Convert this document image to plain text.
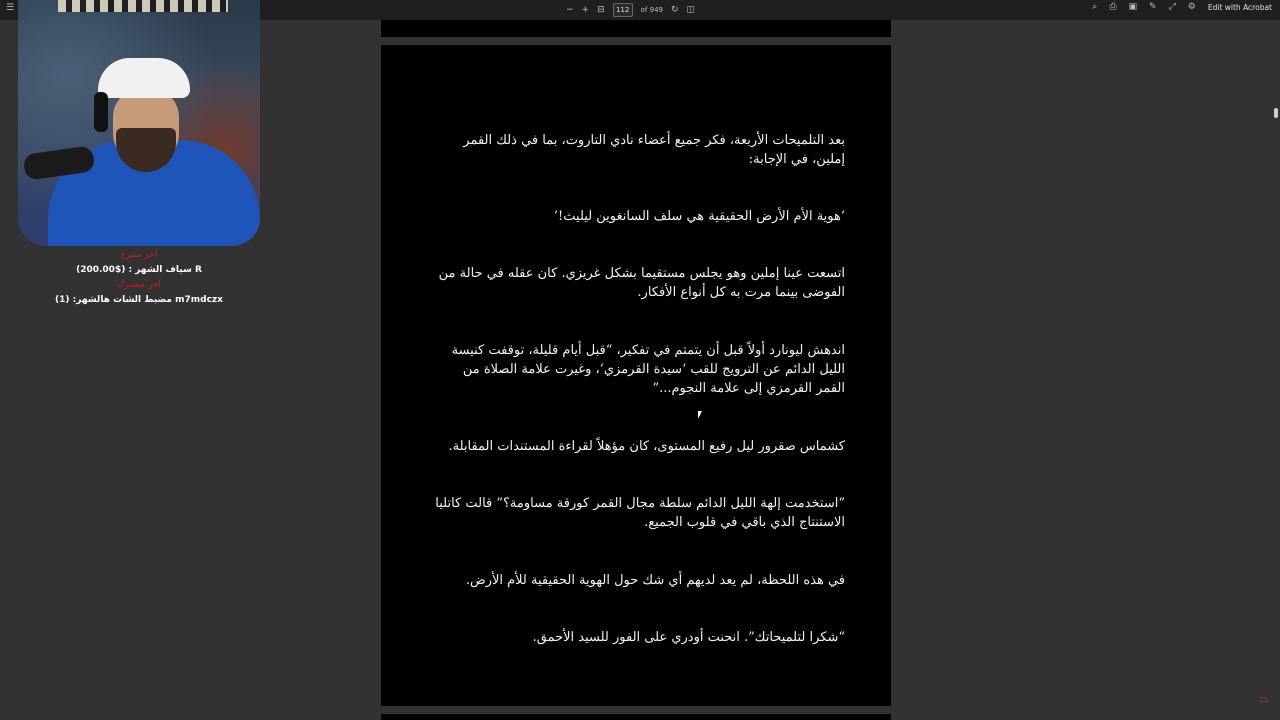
☰	− + ⊟	112	of 949 ↻ ◫	⌕ ⎙ ▣ ✎ ⤢ ⚙ Edit with Acrobat
بعد التلميحات الأربعة، فكر جميع أعضاء نادي التاروت، بما في ذلك القمر إملين، في الإجابة:
‘هوية الأم الأرض الحقيقية هي سلف السانغوين ليليث!’
اتسعت عينا إملين وهو يجلس مستقيما بشكل غريزي. كان عقله في حالة من الفوضى بينما مرت به كل أنواع الأفكار.
اندهش ليونارد أولاً قبل أن يتمتم في تفكير، “قبل أيام قليلة، توقفت كنيسة الليل الدائم عن الترويج للقب ‘سيدة القرمزي’، وغيرت علامة الصلاة من القمر القرمزي إلى علامة النجوم...”
كشماس صقرور ليل رفيع المستوى، كان مؤهلاً لقراءة المستندات المقابلة.
“استخدمت إلهة الليل الدائم سلطة مجال القمر كورقة مساومة؟” قالت كاتليا الاستنتاج الذي باقي في قلوب الجميع.
في هذه اللحظة، لم يعد لديهم أي شك حول الهوية الحقيقية للأم الأرض.
“شكرا لتلميحاتك”. انحنت أودري على الفور للسيد الأحمق.
آخر متبرع
سياف الشهر : ($200.00) R
آخر مشترك
مضبط الشات هالشهر: (1) m7mdczx
⏢
